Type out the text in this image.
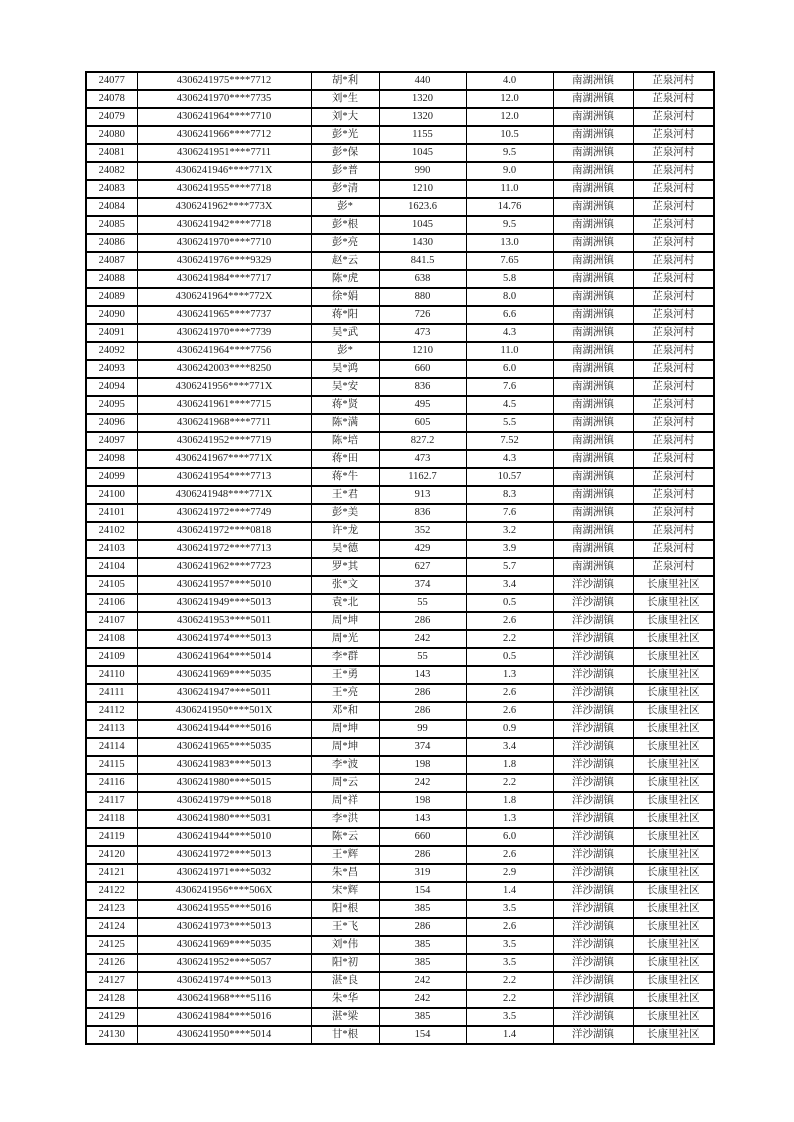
24077	4306241975****7712	胡*利	440	4.0	南湖洲镇	芷泉河村
24078	4306241970****7735	刘*生	1320	12.0	南湖洲镇	芷泉河村
24079	4306241964****7710	刘*大	1320	12.0	南湖洲镇	芷泉河村
24080	4306241966****7712	彭*光	1155	10.5	南湖洲镇	芷泉河村
24081	4306241951****7711	彭*保	1045	9.5	南湖洲镇	芷泉河村
24082	4306241946****771X	彭*普	990	9.0	南湖洲镇	芷泉河村
24083	4306241955****7718	彭*清	1210	11.0	南湖洲镇	芷泉河村
24084	4306241962****773X	彭*	1623.6	14.76	南湖洲镇	芷泉河村
24085	4306241942****7718	彭*根	1045	9.5	南湖洲镇	芷泉河村
24086	4306241970****7710	彭*亮	1430	13.0	南湖洲镇	芷泉河村
24087	4306241976****9329	赵*云	841.5	7.65	南湖洲镇	芷泉河村
24088	4306241984****7717	陈*虎	638	5.8	南湖洲镇	芷泉河村
24089	4306241964****772X	徐*娟	880	8.0	南湖洲镇	芷泉河村
24090	4306241965****7737	蒋*阳	726	6.6	南湖洲镇	芷泉河村
24091	4306241970****7739	吴*武	473	4.3	南湖洲镇	芷泉河村
24092	4306241964****7756	彭*	1210	11.0	南湖洲镇	芷泉河村
24093	4306242003****8250	吴*鸿	660	6.0	南湖洲镇	芷泉河村
24094	4306241956****771X	吴*安	836	7.6	南湖洲镇	芷泉河村
24095	4306241961****7715	蒋*贤	495	4.5	南湖洲镇	芷泉河村
24096	4306241968****7711	陈*满	605	5.5	南湖洲镇	芷泉河村
24097	4306241952****7719	陈*培	827.2	7.52	南湖洲镇	芷泉河村
24098	4306241967****771X	蒋*田	473	4.3	南湖洲镇	芷泉河村
24099	4306241954****7713	蒋*牛	1162.7	10.57	南湖洲镇	芷泉河村
24100	4306241948****771X	王*君	913	8.3	南湖洲镇	芷泉河村
24101	4306241972****7749	彭*美	836	7.6	南湖洲镇	芷泉河村
24102	4306241972****0818	许*龙	352	3.2	南湖洲镇	芷泉河村
24103	4306241972****7713	吴*德	429	3.9	南湖洲镇	芷泉河村
24104	4306241962****7723	罗*其	627	5.7	南湖洲镇	芷泉河村
24105	4306241957****5010	张*文	374	3.4	洋沙湖镇	长康里社区
24106	4306241949****5013	袁*北	55	0.5	洋沙湖镇	长康里社区
24107	4306241953****5011	周*坤	286	2.6	洋沙湖镇	长康里社区
24108	4306241974****5013	周*光	242	2.2	洋沙湖镇	长康里社区
24109	4306241964****5014	李*群	55	0.5	洋沙湖镇	长康里社区
24110	4306241969****5035	王*勇	143	1.3	洋沙湖镇	长康里社区
24111	4306241947****5011	王*亮	286	2.6	洋沙湖镇	长康里社区
24112	4306241950****501X	邓*和	286	2.6	洋沙湖镇	长康里社区
24113	4306241944****5016	周*坤	99	0.9	洋沙湖镇	长康里社区
24114	4306241965****5035	周*坤	374	3.4	洋沙湖镇	长康里社区
24115	4306241983****5013	李*波	198	1.8	洋沙湖镇	长康里社区
24116	4306241980****5015	周*云	242	2.2	洋沙湖镇	长康里社区
24117	4306241979****5018	周*祥	198	1.8	洋沙湖镇	长康里社区
24118	4306241980****5031	李*洪	143	1.3	洋沙湖镇	长康里社区
24119	4306241944****5010	陈*云	660	6.0	洋沙湖镇	长康里社区
24120	4306241972****5013	王*辉	286	2.6	洋沙湖镇	长康里社区
24121	4306241971****5032	朱*昌	319	2.9	洋沙湖镇	长康里社区
24122	4306241956****506X	宋*辉	154	1.4	洋沙湖镇	长康里社区
24123	4306241955****5016	阳*根	385	3.5	洋沙湖镇	长康里社区
24124	4306241973****5013	王*飞	286	2.6	洋沙湖镇	长康里社区
24125	4306241969****5035	刘*伟	385	3.5	洋沙湖镇	长康里社区
24126	4306241952****5057	阳*初	385	3.5	洋沙湖镇	长康里社区
24127	4306241974****5013	湛*良	242	2.2	洋沙湖镇	长康里社区
24128	4306241968****5116	朱*华	242	2.2	洋沙湖镇	长康里社区
24129	4306241984****5016	湛*梁	385	3.5	洋沙湖镇	长康里社区
24130	4306241950****5014	甘*根	154	1.4	洋沙湖镇	长康里社区
